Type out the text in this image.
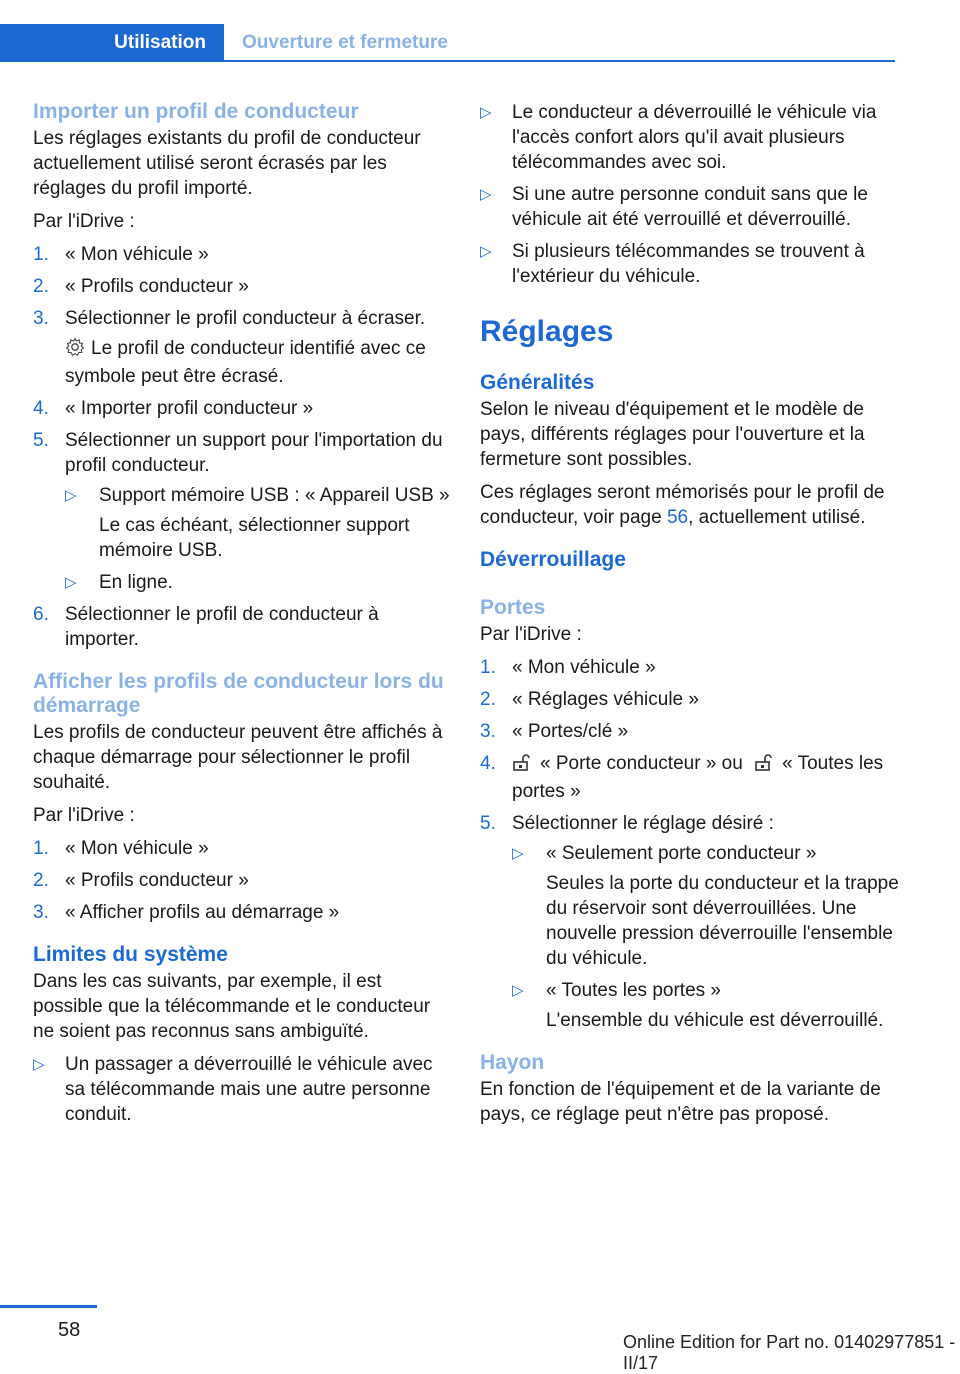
Utilisation	Ouverture et fermeture
Importer un profil de conducteur

Les réglages existants du profil de conducteur actuellement utilisé seront écrasés par les réglages du profil importé.

Par l'iDrive :

1. « Mon véhicule »
2. « Profils conducteur »
3. Sélectionner le profil conducteur à écraser.
Le profil de conducteur identifié avec ce symbole peut être écrasé.
4. « Importer profil conducteur »
5. Sélectionner un support pour l'importation du profil conducteur.
▷ Support mémoire USB : « Appareil USB »
Le cas échéant, sélectionner support mémoire USB.
▷ En ligne.
6. Sélectionner le profil de conducteur à importer.
Afficher les profils de conducteur lors du démarrage

Les profils de conducteur peuvent être affichés à chaque démarrage pour sélectionner le profil souhaité.

Par l'iDrive :

1. « Mon véhicule »
2. « Profils conducteur »
3. « Afficher profils au démarrage »
Limites du système

Dans les cas suivants, par exemple, il est possible que la télécommande et le conducteur ne soient pas reconnus sans ambiguïté.

▷ Un passager a déverrouillé le véhicule avec sa télécommande mais une autre personne conduit.
▷ Le conducteur a déverrouillé le véhicule via l'accès confort alors qu'il avait plusieurs télécommandes avec soi.
▷ Si une autre personne conduit sans que le véhicule ait été verrouillé et déverrouillé.
▷ Si plusieurs télécommandes se trouvent à l'extérieur du véhicule.
Réglages
Généralités

Selon le niveau d'équipement et le modèle de pays, différents réglages pour l'ouverture et la fermeture sont possibles.

Ces réglages seront mémorisés pour le profil de conducteur, voir page 56, actuellement utilisé.

Déverrouillage
Portes

Par l'iDrive :

1. « Mon véhicule »
2. « Réglages véhicule »
3. « Portes/clé »
4. « Porte conducteur » ou « Toutes les portes »
5. Sélectionner le réglage désiré :
▷ « Seulement porte conducteur »
Seules la porte du conducteur et la trappe du réservoir sont déverrouillées. Une nouvelle pression déverrouille l'ensemble du véhicule.
▷ « Toutes les portes »
L'ensemble du véhicule est déverrouillé.
Hayon

En fonction de l'équipement et de la variante de pays, ce réglage peut n'être pas proposé.

58
Online Edition for Part no. 01402977851 - II/17
